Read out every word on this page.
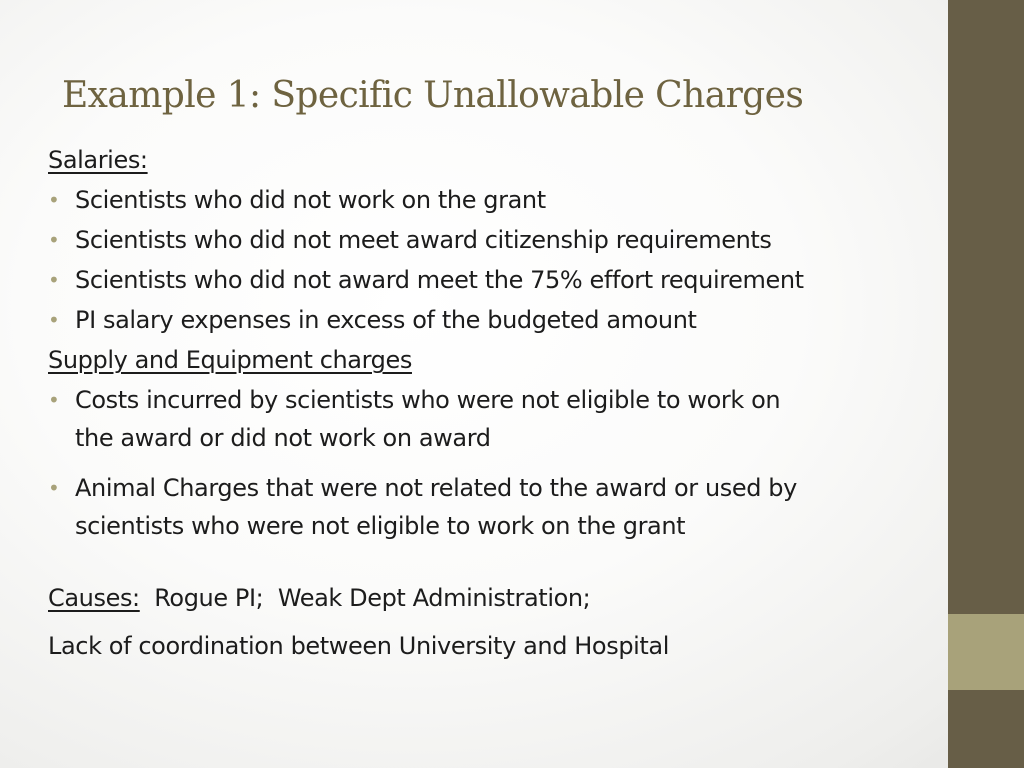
Example 1: Specific Unallowable Charges
Salaries:
• Scientists who did not work on the grant
• Scientists who did not meet award citizenship requirements
• Scientists who did not award meet the 75% effort requirement
• PI salary expenses in excess of the budgeted amount
Supply and Equipment charges
• Costs incurred by scientists who were not eligible to work on
the award or did not work on award
• Animal Charges that were not related to the award or used by
scientists who were not eligible to work on the grant
Causes:  Rogue PI;  Weak Dept Administration;
Lack of coordination between University and Hospital
